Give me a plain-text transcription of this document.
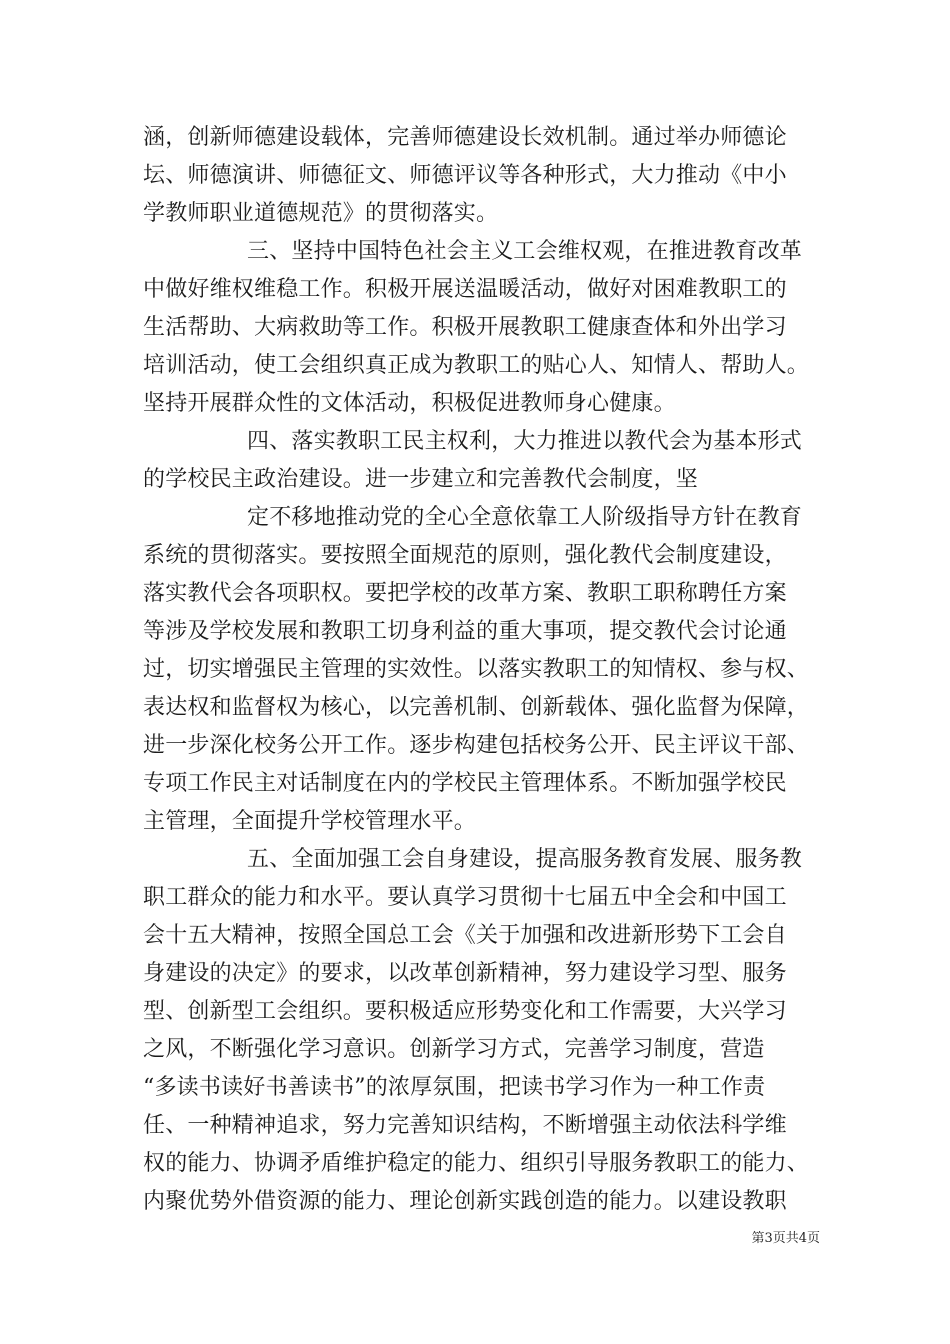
涵，创新师德建设载体，完善师德建设长效机制。通过举办师德论
坛、师德演讲、师德征文、师德评议等各种形式，大力推动《中小
学教师职业道德规范》的贯彻落实。
三、坚持中国特色社会主义工会维权观，在推进教育改革
中做好维权维稳工作。积极开展送温暖活动，做好对困难教职工的
生活帮助、大病救助等工作。积极开展教职工健康查体和外出学习
培训活动，使工会组织真正成为教职工的贴心人、知情人、帮助人。
坚持开展群众性的文体活动，积极促进教师身心健康。
四、落实教职工民主权利，大力推进以教代会为基本形式
的学校民主政治建设。进一步建立和完善教代会制度，坚
定不移地推动党的全心全意依靠工人阶级指导方针在教育
系统的贯彻落实。要按照全面规范的原则，强化教代会制度建设，
落实教代会各项职权。要把学校的改革方案、教职工职称聘任方案
等涉及学校发展和教职工切身利益的重大事项，提交教代会讨论通
过，切实增强民主管理的实效性。以落实教职工的知情权、参与权、
表达权和监督权为核心，以完善机制、创新载体、强化监督为保障，
进一步深化校务公开工作。逐步构建包括校务公开、民主评议干部、
专项工作民主对话制度在内的学校民主管理体系。不断加强学校民
主管理，全面提升学校管理水平。
五、全面加强工会自身建设，提高服务教育发展、服务教
职工群众的能力和水平。要认真学习贯彻十七届五中全会和中国工
会十五大精神，按照全国总工会《关于加强和改进新形势下工会自
身建设的决定》的要求，以改革创新精神，努力建设学习型、服务
型、创新型工会组织。要积极适应形势变化和工作需要，大兴学习
之风，不断强化学习意识。创新学习方式，完善学习制度，营造
“多读书读好书善读书”的浓厚氛围，把读书学习作为一种工作责
任、一种精神追求，努力完善知识结构，不断增强主动依法科学维
权的能力、协调矛盾维护稳定的能力、组织引导服务教职工的能力、
内聚优势外借资源的能力、理论创新实践创造的能力。以建设教职
第3页共4页
